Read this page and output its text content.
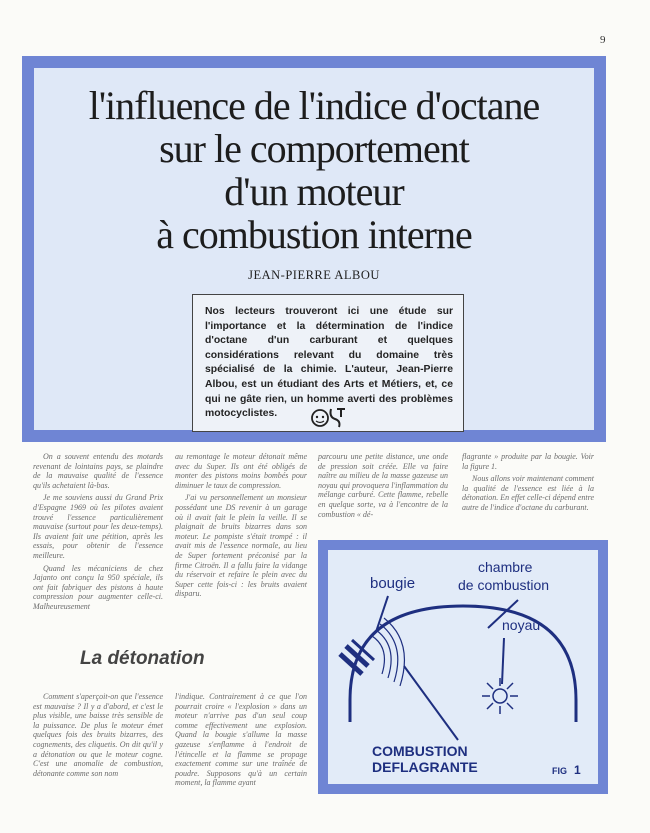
9
l'influence de l'indice d'octane
sur le comportement
d'un moteur
à combustion interne
JEAN-PIERRE ALBOU
Nos lecteurs trouveront ici une étude sur l'importance et la détermination de l'indice d'octane d'un carburant et quelques considérations relevant du domaine très spécialisé de la chimie. L'auteur, Jean-Pierre Albou, est un étudiant des Arts et Métiers, et, ce qui ne gâte rien, un homme averti des problèmes motocyclistes.

On a souvent entendu des motards revenant de lointains pays, se plaindre de la mauvaise qualité de l'essence qu'ils achetaient là-bas.

Je me souviens aussi du Grand Prix d'Espagne 1969 où les pilotes avaient trouvé l'essence particulièrement mauvaise (surtout pour les deux-temps). Ils avaient fait une pétition, après les essais, pour obtenir de l'essence meilleure.

Quand les mécaniciens de chez Jajanto ont conçu la 950 spéciale, ils ont fait fabriquer des pistons à haute compression pour augmenter celle-ci. Malheureusement

au remontage le moteur détonait même avec du Super. Ils ont été obligés de monter des pistons moins bombés pour diminuer le taux de compression.

J'ai vu personnellement un monsieur possédant une DS revenir à un garage où il avait fait le plein la veille. Il se plaignait de bruits bizarres dans son moteur. Le pompiste s'était trompé : il avait mis de l'essence normale, au lieu de Super fortement préconisé par la firme Citroën. Il a fallu faire la vidange du réservoir et refaire le plein avec du Super cette fois-ci : les bruits avaient disparu.

parcouru une petite distance, une onde de pression soit créée. Elle va faire naître au milieu de la masse gazeuse un noyau qui provoquera l'inflammation du mélange carburé. Cette flamme, rebelle en quelque sorte, va à l'encontre de la combustion « dé-

flagrante » produite par la bougie. Voir la figure 1.

Nous allons voir maintenant comment la qualité de l'essence est liée à la détonation. En effet celle-ci dépend entre autre de l'indice d'octane du carburant.

La détonation

Comment s'aperçoit-on que l'essence est mauvaise ? Il y a d'abord, et c'est le plus visible, une baisse très sensible de la puissance. De plus le moteur émet quelques fois des bruits bizarres, des cognements, des cliquetis. On dit qu'il y a détonation ou que le moteur cogne. C'est une anomalie de combustion, détonante comme son nom

l'indique. Contrairement à ce que l'on pourrait croire « l'explosion » dans un moteur n'arrive pas d'un seul coup comme effectivement une explosion. Quand la bougie s'allume la masse gazeuse s'enflamme à l'endroit de l'étincelle et la flamme se propage exactement comme sur une traînée de poudre. Supposons qu'à un certain moment, la flamme ayant

bougie
chambre
de combustion
noyau
COMBUSTION
DEFLAGRANTE	FIG 1
